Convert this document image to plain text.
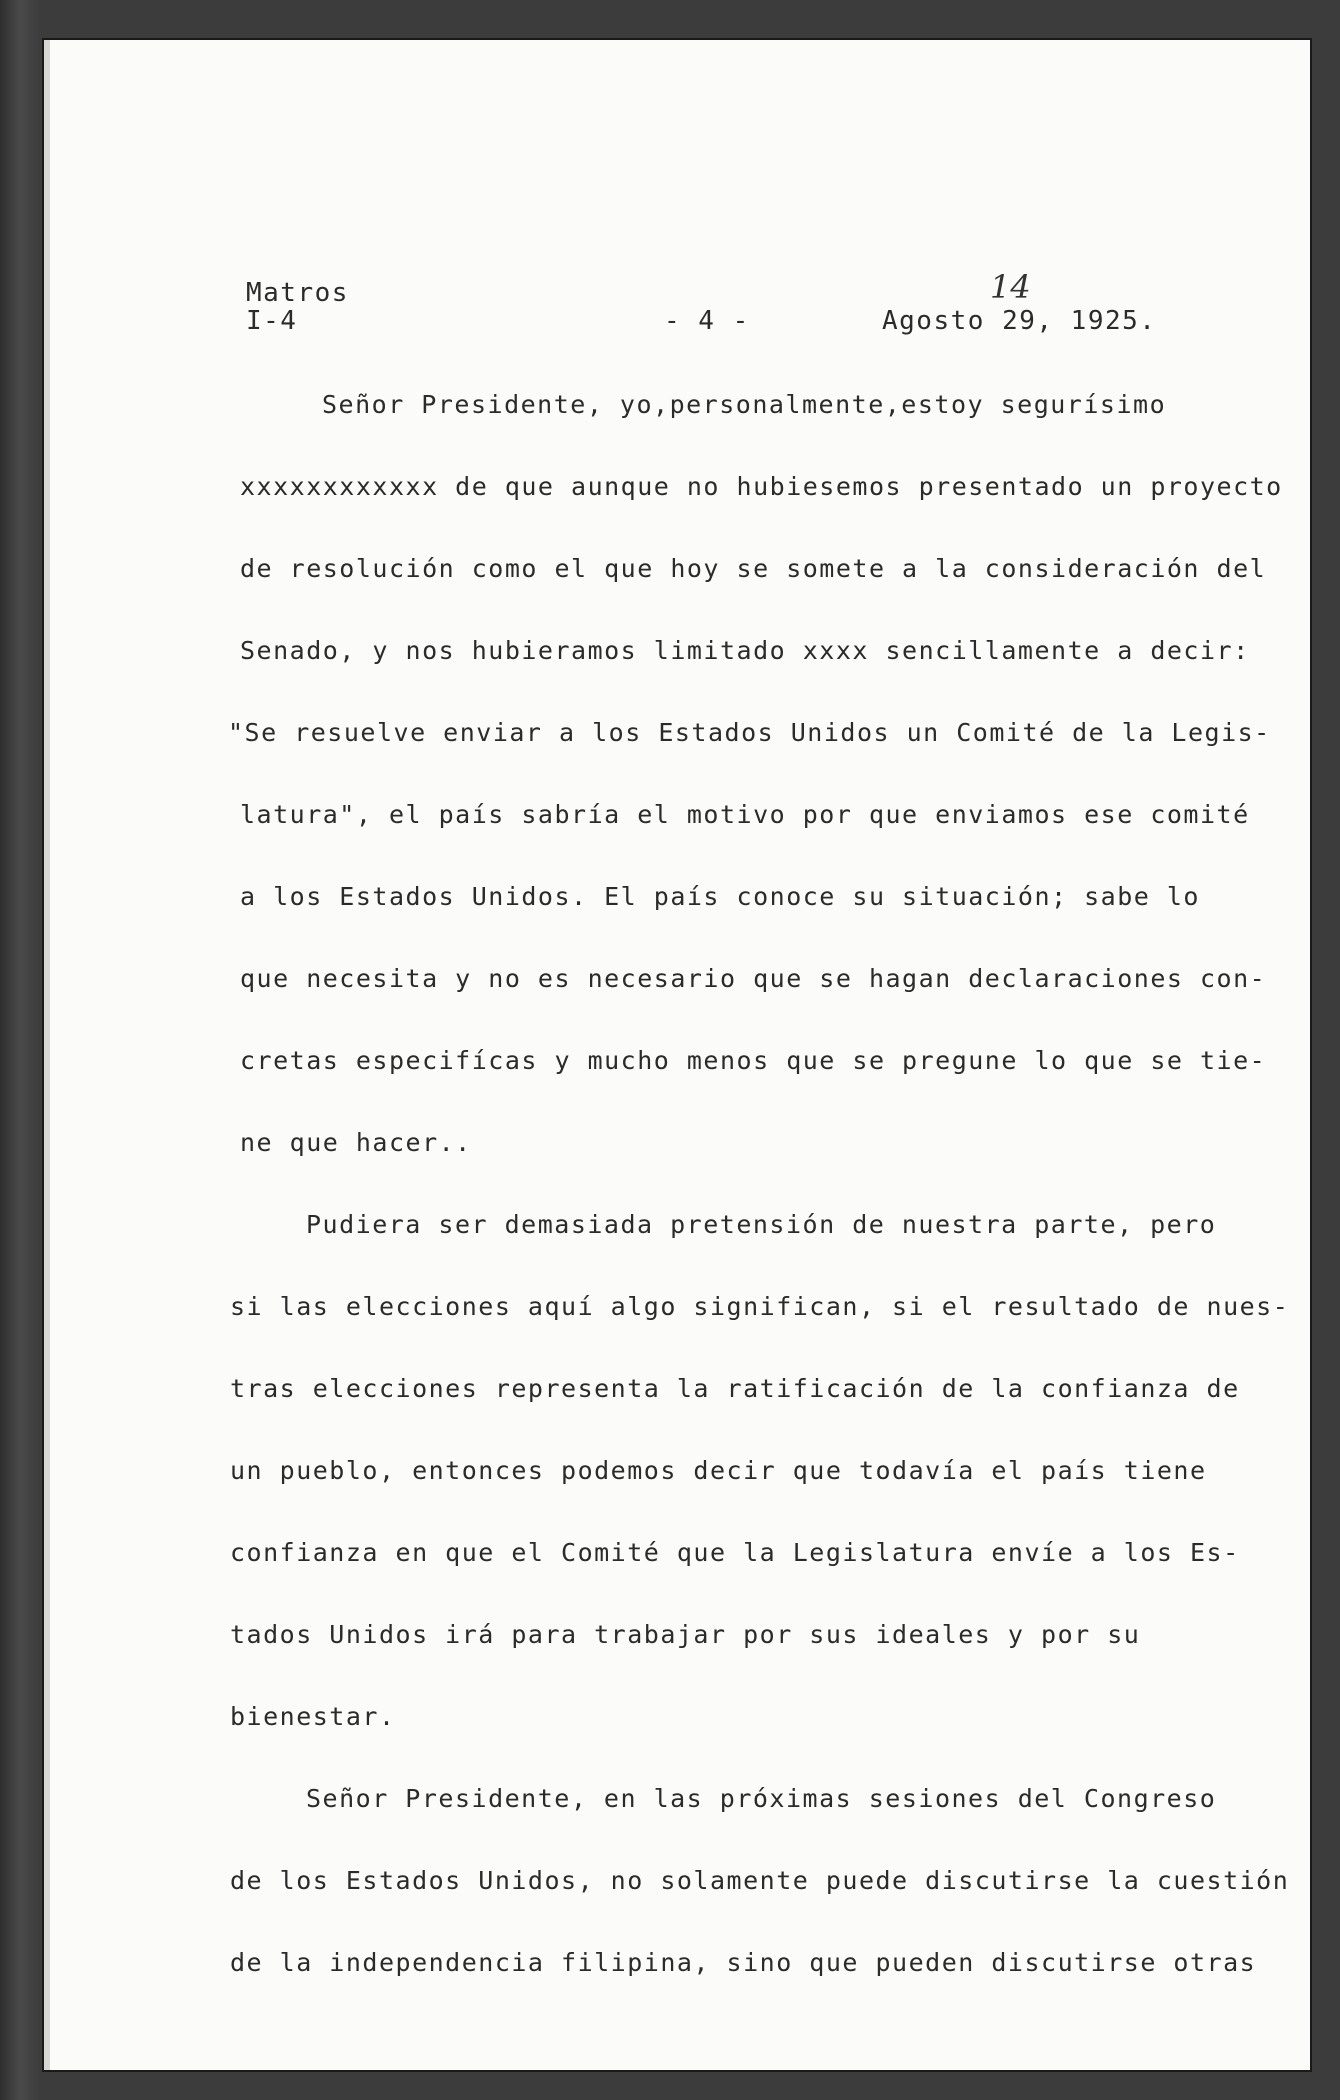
Matros
I-4	- 4 -	Agosto 29, 1925.
14
Señor Presidente, yo,personalmente,estoy segurísimo
xxxxxxxxxxxx de que aunque no hubiesemos presentado un proyecto
de resolución como el que hoy se somete a la consideración del
Senado, y nos hubieramos limitado xxxx sencillamente a decir:
"Se resuelve enviar a los Estados Unidos un Comité de la Legis-
latura", el país sabría el motivo por que enviamos ese comité
a los Estados Unidos. El país conoce su situación; sabe lo
que necesita y no es necesario que se hagan declaraciones con-
cretas especifícas y mucho menos que se pregune lo que se tie-
ne que hacer..
Pudiera ser demasiada pretensión de nuestra parte, pero
si las elecciones aquí algo significan, si el resultado de nues-
tras elecciones representa la ratificación de la confianza de
un pueblo, entonces podemos decir que todavía el país tiene
confianza en que el Comité que la Legislatura envíe a los Es-
tados Unidos irá para trabajar por sus ideales y por su
bienestar.
Señor Presidente, en las próximas sesiones del Congreso
de los Estados Unidos, no solamente puede discutirse la cuestión
de la independencia filipina, sino que pueden discutirse otras
